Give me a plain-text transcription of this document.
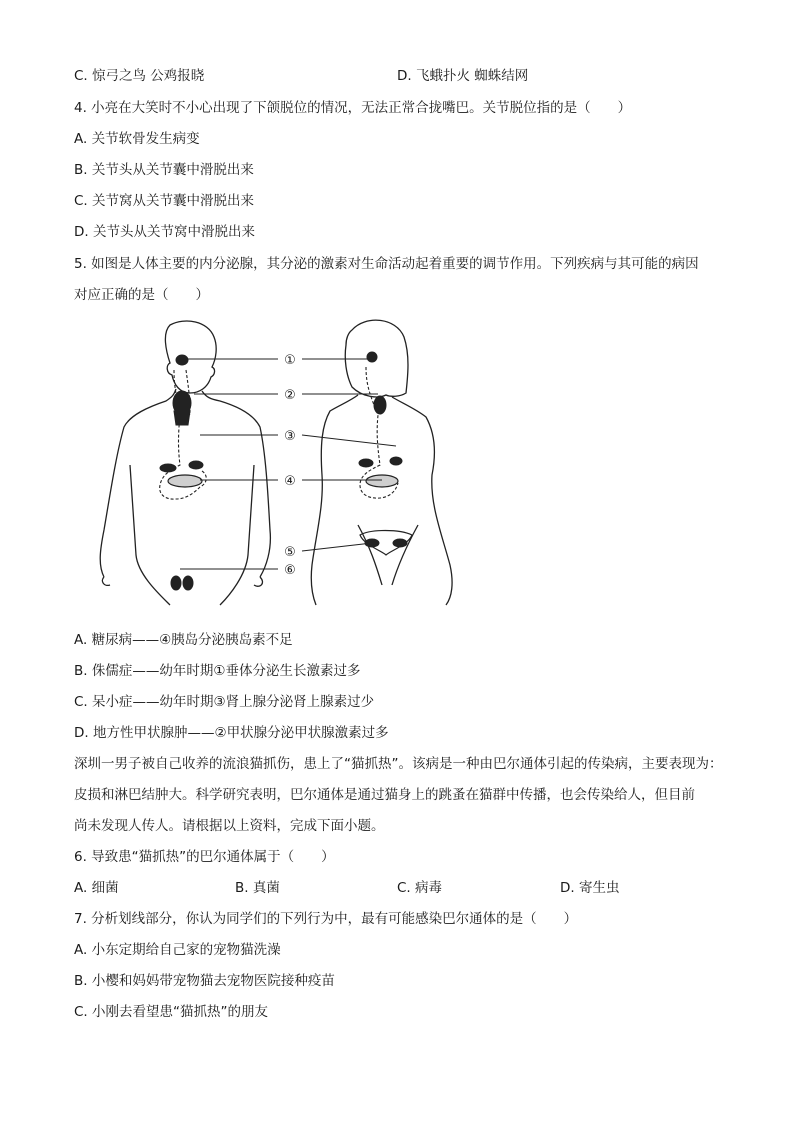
C. 惊弓之鸟 公鸡报晓	D. 飞蛾扑火 蜘蛛结网
4. 小亮在大笑时不小心出现了下颌脱位的情况，无法正常合拢嘴巴。关节脱位指的是（　　）
A. 关节软骨发生病变
B. 关节头从关节囊中滑脱出来
C. 关节窝从关节囊中滑脱出来
D. 关节头从关节窝中滑脱出来
5. 如图是人体主要的内分泌腺，其分泌的激素对生命活动起着重要的调节作用。下列疾病与其可能的病因
对应正确的是（　　）
①
②
③
④
⑤
⑥
A. 糖尿病——④胰岛分泌胰岛素不足
B. 侏儒症——幼年时期①垂体分泌生长激素过多
C. 呆小症——幼年时期③肾上腺分泌肾上腺素过少
D. 地方性甲状腺肿——②甲状腺分泌甲状腺激素过多
深圳一男子被自己收养的流浪猫抓伤，患上了“猫抓热”。该病是一种由巴尔通体引起的传染病，主要表现为：
皮损和淋巴结肿大。科学研究表明，巴尔通体是通过猫身上的跳蚤在猫群中传播，也会传染给人，但目前
尚未发现人传人。请根据以上资料，完成下面小题。
6. 导致患“猫抓热”的巴尔通体属于（　　）
A. 细菌	B. 真菌	C. 病毒	D. 寄生虫
7. 分析划线部分，你认为同学们的下列行为中，最有可能感染巴尔通体的是（　　）
A. 小东定期给自己家的宠物猫洗澡
B. 小樱和妈妈带宠物猫去宠物医院接种疫苗
C. 小刚去看望患“猫抓热”的朋友
